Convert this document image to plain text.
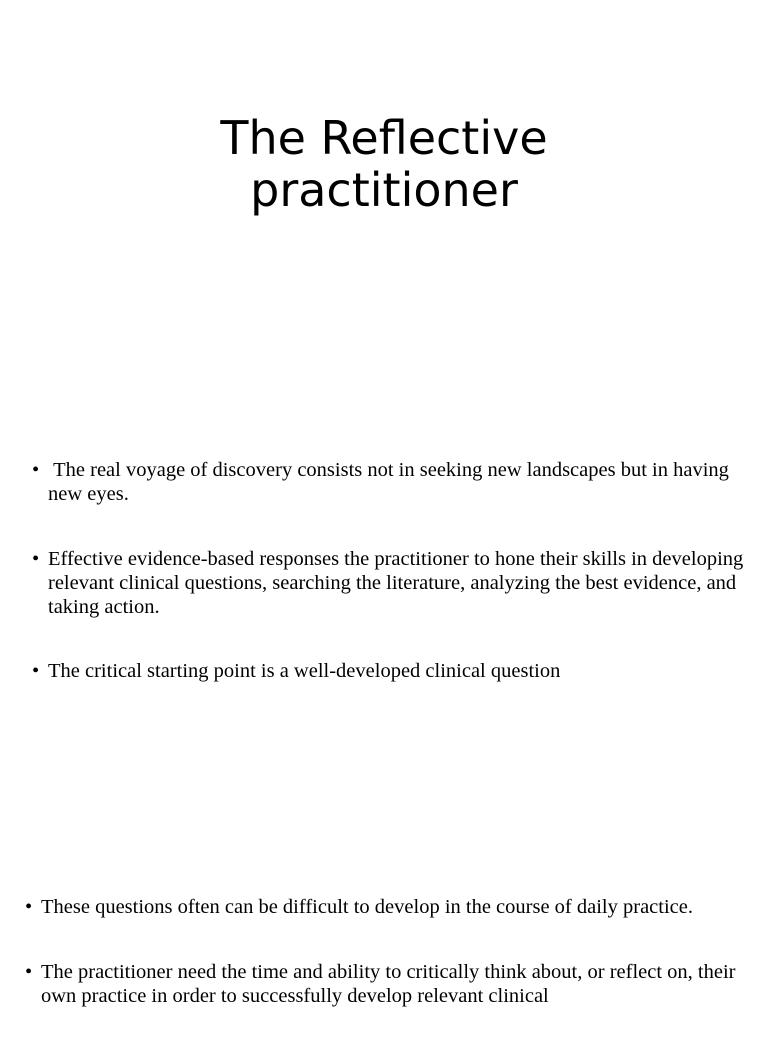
The Reflective
practitioner
• The real voyage of discovery consists not in seeking new landscapes but in having new eyes.
• Effective evidence-based responses the practitioner to hone their skills in developing relevant clinical questions, searching the literature, analyzing the best evidence, and taking action.
• The critical starting point is a well-developed clinical question
• These questions often can be difficult to develop in the course of daily practice.
• The practitioner need the time and ability to critically think about, or reflect on, their own practice in order to successfully develop relevant clinical
